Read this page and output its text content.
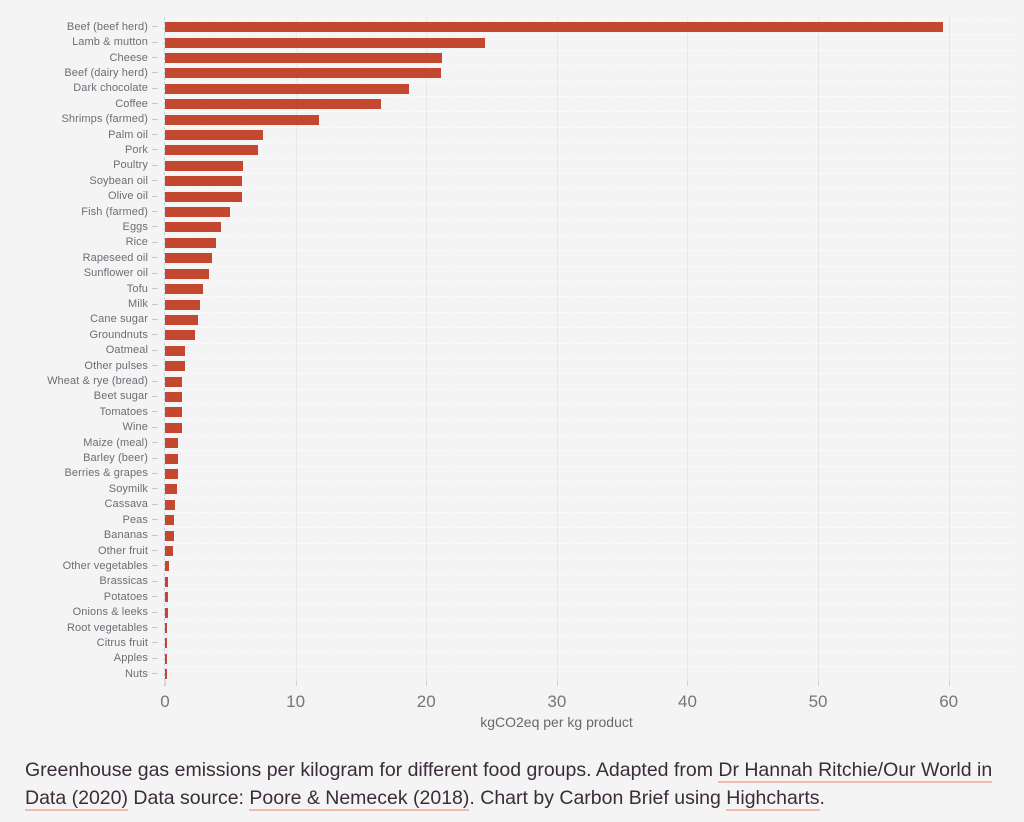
Beef (beef herd)
Lamb & mutton
Cheese
Beef (dairy herd)
Dark chocolate
Coffee
Shrimps (farmed)
Palm oil
Pork
Poultry
Soybean oil
Olive oil
Fish (farmed)
Eggs
Rice
Rapeseed oil
Sunflower oil
Tofu
Milk
Cane sugar
Groundnuts
Oatmeal
Other pulses
Wheat & rye (bread)
Beet sugar
Tomatoes
Wine
Maize (meal)
Barley (beer)
Berries & grapes
Soymilk
Cassava
Peas
Bananas
Other fruit
Other vegetables
Brassicas
Potatoes
Onions & leeks
Root vegetables
Citrus fruit
Apples
Nuts
0	10	20	30	40	50	60
kgCO2eq per kg product

Greenhouse gas emissions per kilogram for different food groups. Adapted from Dr Hannah Ritchie/Our World in Data (2020) Data source: Poore & Nemecek (2018). Chart by Carbon Brief using Highcharts.
